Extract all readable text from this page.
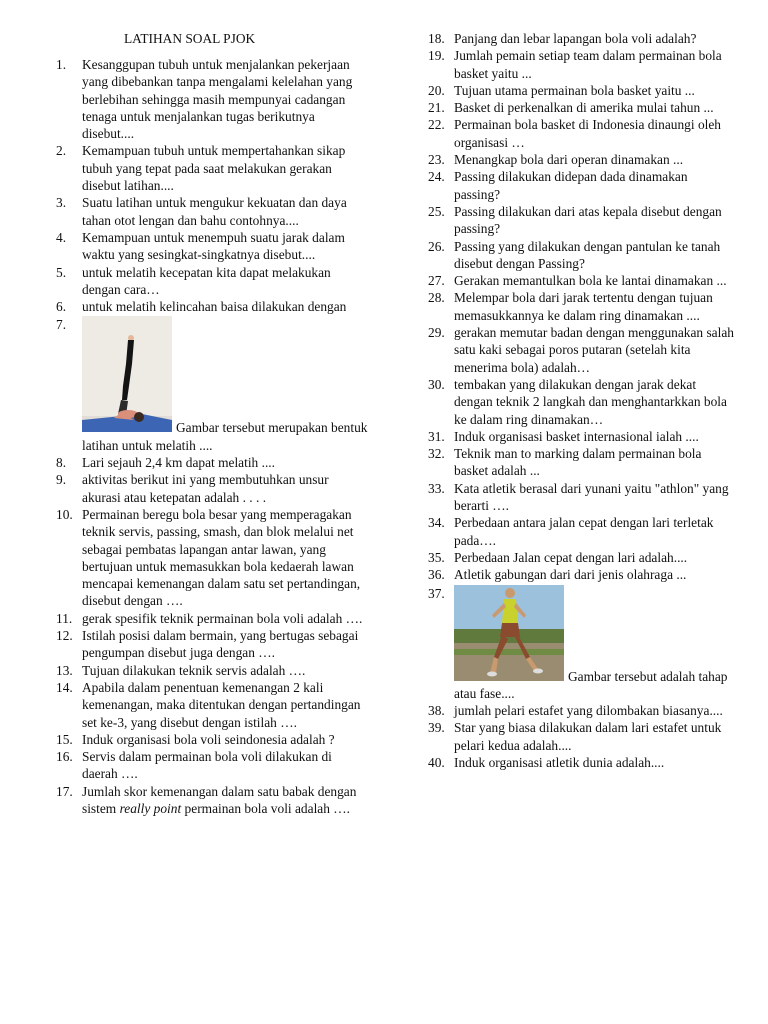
LATIHAN SOAL PJOK
1. Kesanggupan tubuh untuk menjalankan pekerjaan yang dibebankan tanpa mengalami kelelahan yang berlebihan sehingga masih mempunyai cadangan tenaga untuk menjalankan tugas berikutnya disebut....
2. Kemampuan tubuh untuk mempertahankan sikap tubuh yang tepat pada saat melakukan gerakan disebut latihan....
3. Suatu latihan untuk mengukur kekuatan dan daya tahan otot lengan dan bahu contohnya....
4. Kemampuan untuk menempuh suatu jarak dalam waktu yang sesingkat-singkatnya disebut....
5. untuk melatih kecepatan kita dapat melakukan dengan cara…
6. untuk melatih kelincahan baisa dilakukan dengan
7.
Gambar tersebut merupakan bentuk latihan untuk melatih ....
8. Lari sejauh 2,4 km dapat melatih ....
9. aktivitas berikut ini yang membutuhkan unsur akurasi atau ketepatan adalah . . . .
10. Permainan beregu bola besar yang memperagakan teknik servis, passing, smash, dan blok melalui net sebagai pembatas lapangan antar lawan, yang bertujuan untuk memasukkan bola kedaerah lawan mencapai kemenangan dalam satu set pertandingan, disebut dengan ….
11. gerak spesifik teknik permainan bola voli adalah ….
12. Istilah posisi dalam bermain, yang bertugas sebagai pengumpan disebut juga dengan ….
13. Tujuan dilakukan teknik servis adalah ….
14. Apabila dalam penentuan kemenangan 2 kali kemenangan, maka ditentukan dengan pertandingan set ke-3, yang disebut dengan istilah ….
15. Induk organisasi bola voli seindonesia adalah ?
16. Servis dalam permainan bola voli dilakukan di daerah ….
17. Jumlah skor kemenangan dalam satu babak dengan sistem really point permainan bola voli adalah ….
18. Panjang dan lebar lapangan bola voli adalah?
19. Jumlah pemain setiap team dalam permainan bola basket yaitu ...
20. Tujuan utama permainan bola basket yaitu ...
21. Basket di perkenalkan di amerika mulai tahun ...
22. Permainan bola basket di Indonesia dinaungi oleh organisasi …
23. Menangkap bola dari operan dinamakan ...
24. Passing dilakukan didepan dada dinamakan passing?
25. Passing dilakukan dari atas kepala disebut dengan passing?
26. Passing yang dilakukan dengan pantulan ke tanah disebut dengan Passing?
27. Gerakan memantulkan bola ke lantai dinamakan ...
28. Melempar bola dari jarak tertentu dengan tujuan memasukkannya ke dalam ring dinamakan ....
29. gerakan memutar badan dengan menggunakan salah satu kaki sebagai poros putaran (setelah kita menerima bola) adalah…
30. tembakan yang dilakukan dengan jarak dekat dengan teknik 2 langkah dan menghantarkkan bola ke dalam ring dinamakan…
31. Induk organisasi basket internasional ialah ....
32. Teknik man to marking dalam permainan bola basket adalah ...
33. Kata atletik berasal dari yunani yaitu "athlon" yang berarti ….
34. Perbedaan antara jalan cepat dengan lari terletak pada….
35. Perbedaan Jalan cepat dengan lari adalah....
36. Atletik gabungan dari dari jenis olahraga ...
37.
Gambar tersebut adalah tahap atau fase....
38. jumlah pelari estafet yang dilombakan biasanya....
39. Star yang biasa dilakukan dalam lari estafet untuk pelari kedua adalah....
40. Induk organisasi atletik dunia adalah....
